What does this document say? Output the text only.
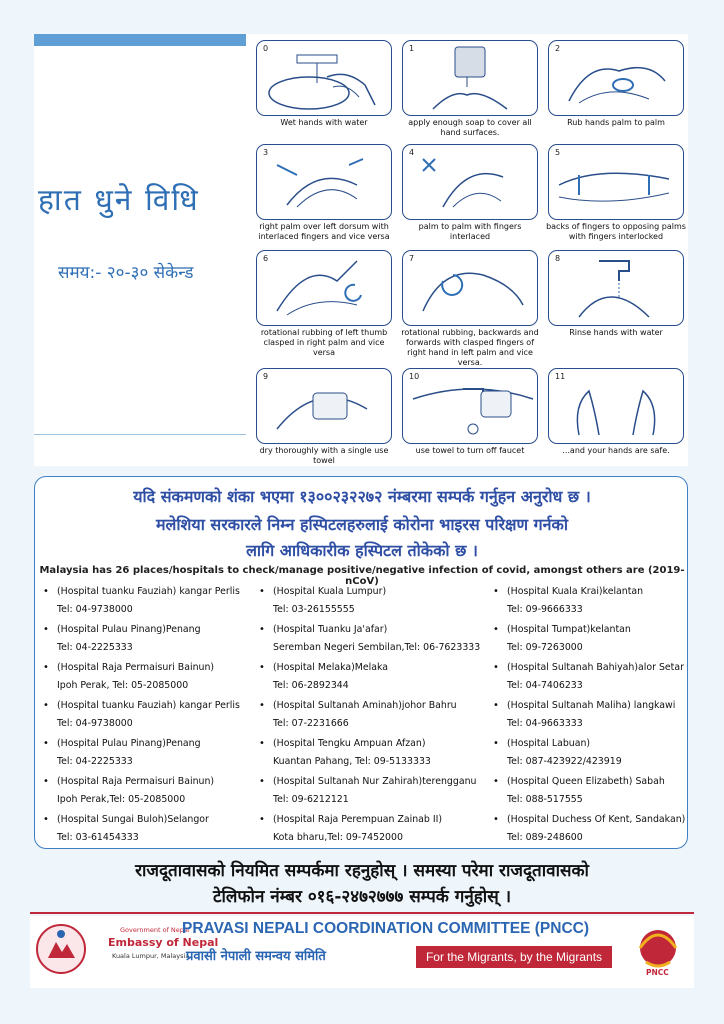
हात धुने विधि
समय:- २०-३० सेकेन्ड
0
Wet hands with water
1
apply enough soap to cover all hand surfaces.
2
Rub hands palm to palm
3
right palm over left dorsum with interlaced fingers and vice versa
4
palm to palm with fingers interlaced
5
backs of fingers to opposing palms with fingers interlocked
6
rotational rubbing of left thumb clasped in right palm and vice versa
7
rotational rubbing, backwards and forwards with clasped fingers of right hand in left palm and vice versa.
8
Rinse hands with water
9
dry thoroughly with a single use towel
10
use towel to turn off faucet
11
...and your hands are safe.
यदि संकमणको शंका भएमा १३००२३२२७२ नंम्बरमा सम्पर्क गर्नुहन अनुरोध छ ।
मलेशिया सरकारले निम्न हस्पिटलहरुलाई कोरोना भाइरस परिक्षण गर्नको
लागि आधिकारीक हस्पिटल तोकेको छ ।
Malaysia has 26 places/hospitals to check/manage positive/negative infection of covid, amongst others are (2019-nCoV)
• (Hospital tuanku Fauziah) kangar Perlis
Tel: 04-9738000
• (Hospital Pulau Pinang)Penang
Tel: 04-2225333
• (Hospital Raja Permaisuri Bainun)
Ipoh Perak, Tel: 05-2085000
• (Hospital tuanku Fauziah) kangar Perlis
Tel: 04-9738000
• (Hospital Pulau Pinang)Penang
Tel: 04-2225333
• (Hospital Raja Permaisuri Bainun)
Ipoh Perak,Tel: 05-2085000
• (Hospital Sungai Buloh)Selangor
Tel: 03-61454333
• (Hospital Kuala Lumpur)
Tel: 03-26155555
• (Hospital Tuanku Ja'afar)
Seremban Negeri Sembilan,Tel: 06-7623333
• (Hospital Melaka)Melaka
Tel: 06-2892344
• (Hospital Sultanah Aminah)johor Bahru
Tel: 07-2231666
• (Hospital Tengku Ampuan Afzan)
Kuantan Pahang, Tel: 09-5133333
• (Hospital Sultanah Nur Zahirah)terengganu
Tel: 09-6212121
• (Hospital Raja Perempuan Zainab II)
Kota bharu,Tel: 09-7452000
• (Hospital Kuala Krai)kelantan
Tel: 09-9666333
• (Hospital Tumpat)kelantan
Tel: 09-7263000
• (Hospital Sultanah Bahiyah)alor Setar
Tel: 04-7406233
• (Hospital Sultanah Maliha) langkawi
Tel: 04-9663333
• (Hospital Labuan)
Tel: 087-423922/423919
• (Hospital Queen Elizabeth) Sabah
Tel: 088-517555
• (Hospital Duchess Of Kent, Sandakan)
Tel: 089-248600
राजदूतावासको नियमित सम्पर्कमा रहनुहोस् । समस्या परेमा राजदूतावासको
टेलिफोन नंम्बर ०१६-२४७२७७७ सम्पर्क गर्नुहोस् ।
Government of Nepal
Embassy of Nepal
Kuala Lumpur, Malaysia
PRAVASI NEPALI COORDINATION COMMITTEE (PNCC)
प्रवासी नेपाली समन्वय समिति	For the Migrants, by the Migrants
PNCC
